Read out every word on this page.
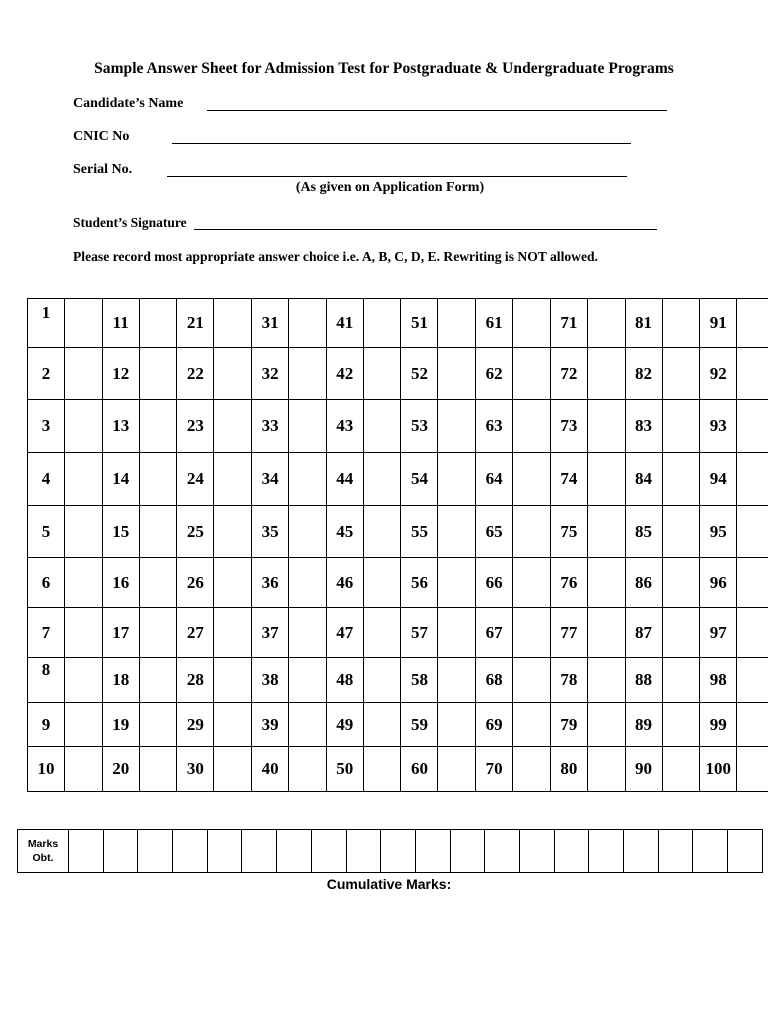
Sample Answer Sheet for Admission Test for Postgraduate & Undergraduate Programs
Candidate’s Name
CNIC No
Serial No.
(As given on Application Form)
Student’s Signature
Please record most appropriate answer choice i.e. A, B, C, D, E. Rewriting is NOT allowed.
1		11		21		31		41		51		61		71		81		91	
2		12		22		32		42		52		62		72		82		92	
3		13		23		33		43		53		63		73		83		93	
4		14		24		34		44		54		64		74		84		94	
5		15		25		35		45		55		65		75		85		95	
6		16		26		36		46		56		66		76		86		96	
7		17		27		37		47		57		67		77		87		97	
8		18		28		38		48		58		68		78		88		98	
9		19		29		39		49		59		69		79		89		99	
10		20		30		40		50		60		70		80		90		100	
Marks
Obt.																				
Cumulative Marks:
